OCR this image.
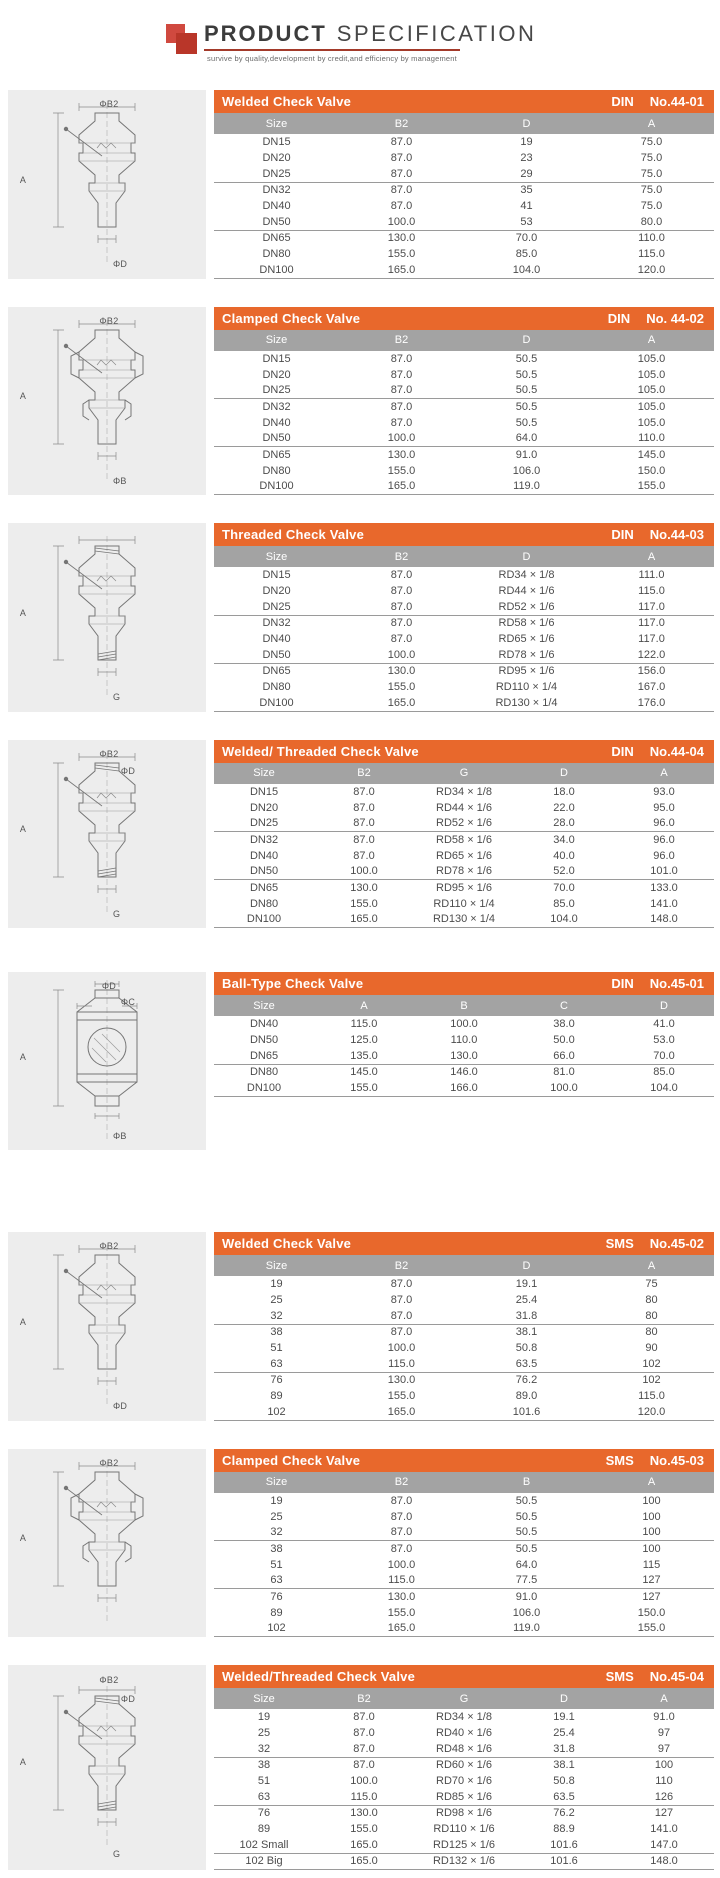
PRODUCT SPECIFICATION
survive by quality,development by credit,and efficiency by management
ΦB2
A
ΦD
Welded Check Valve	DIN No.44-01
Size	B2	D	A
DN15	87.0	19	75.0
DN20	87.0	23	75.0
DN25	87.0	29	75.0
DN32	87.0	35	75.0
DN40	87.0	41	75.0
DN50	100.0	53	80.0
DN65	130.0	70.0	110.0
DN80	155.0	85.0	115.0
DN100	165.0	104.0	120.0
ΦB2
A
ΦB
Clamped Check Valve	DIN No. 44-02
Size	B2	D	A
DN15	87.0	50.5	105.0
DN20	87.0	50.5	105.0
DN25	87.0	50.5	105.0
DN32	87.0	50.5	105.0
DN40	87.0	50.5	105.0
DN50	100.0	64.0	110.0
DN65	130.0	91.0	145.0
DN80	155.0	106.0	150.0
DN100	165.0	119.0	155.0
A
G
Threaded Check Valve	DIN No.44-03
Size	B2	D	A
DN15	87.0	RD34 × 1/8	111.0
DN20	87.0	RD44 × 1/6	115.0
DN25	87.0	RD52 × 1/6	117.0
DN32	87.0	RD58 × 1/6	117.0
DN40	87.0	RD65 × 1/6	117.0
DN50	100.0	RD78 × 1/6	122.0
DN65	130.0	RD95 × 1/6	156.0
DN80	155.0	RD110 × 1/4	167.0
DN100	165.0	RD130 × 1/4	176.0
ΦB2
ΦD
A
G
Welded/ Threaded Check Valve	DIN No.44-04
Size	B2	G	D	A
DN15	87.0	RD34 × 1/8	18.0	93.0
DN20	87.0	RD44 × 1/6	22.0	95.0
DN25	87.0	RD52 × 1/6	28.0	96.0
DN32	87.0	RD58 × 1/6	34.0	96.0
DN40	87.0	RD65 × 1/6	40.0	96.0
DN50	100.0	RD78 × 1/6	52.0	101.0
DN65	130.0	RD95 × 1/6	70.0	133.0
DN80	155.0	RD110 × 1/4	85.0	141.0
DN100	165.0	RD130 × 1/4	104.0	148.0
ΦD
ΦC
A
ΦB
Ball-Type Check Valve	DIN No.45-01
Size	A	B	C	D
DN40	115.0	100.0	38.0	41.0
DN50	125.0	110.0	50.0	53.0
DN65	135.0	130.0	66.0	70.0
DN80	145.0	146.0	81.0	85.0
DN100	155.0	166.0	100.0	104.0
ΦB2
A
ΦD
Welded Check Valve	SMS No.45-02
Size	B2	D	A
19	87.0	19.1	75
25	87.0	25.4	80
32	87.0	31.8	80
38	87.0	38.1	80
51	100.0	50.8	90
63	115.0	63.5	102
76	130.0	76.2	102
89	155.0	89.0	115.0
102	165.0	101.6	120.0
ΦB2
A
Clamped Check Valve	SMS No.45-03
Size	B2	B	A
19	87.0	50.5	100
25	87.0	50.5	100
32	87.0	50.5	100
38	87.0	50.5	100
51	100.0	64.0	115
63	115.0	77.5	127
76	130.0	91.0	127
89	155.0	106.0	150.0
102	165.0	119.0	155.0
ΦB2
ΦD
A
G
Welded/Threaded Check Valve	SMS No.45-04
Size	B2	G	D	A
19	87.0	RD34 × 1/8	19.1	91.0
25	87.0	RD40 × 1/6	25.4	97
32	87.0	RD48 × 1/6	31.8	97
38	87.0	RD60 × 1/6	38.1	100
51	100.0	RD70 × 1/6	50.8	110
63	115.0	RD85 × 1/6	63.5	126
76	130.0	RD98 × 1/6	76.2	127
89	155.0	RD110 × 1/6	88.9	141.0
102 Small	165.0	RD125 × 1/6	101.6	147.0
102 Big	165.0	RD132 × 1/6	101.6	148.0
